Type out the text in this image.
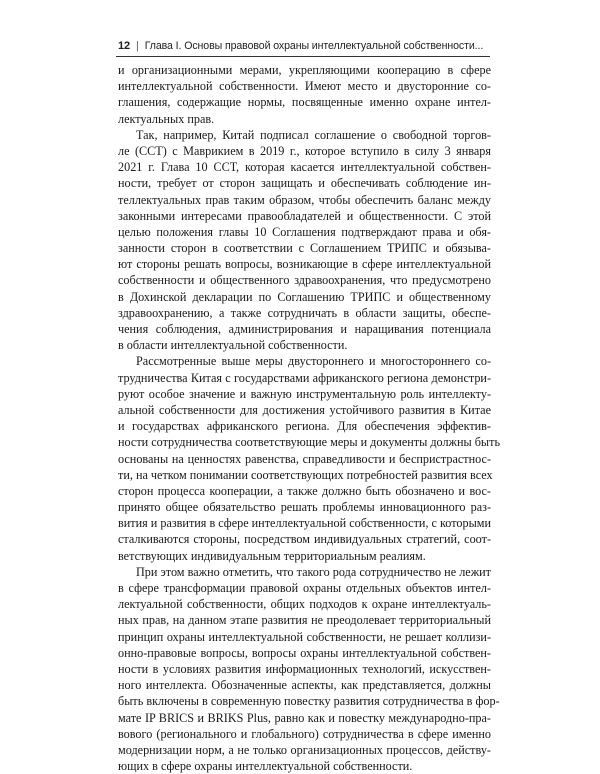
12 | Глава I. Основы правовой охраны интеллектуальной собственности...
и организационными мерами, укрепляющими кооперацию в сфере
интеллектуальной собственности. Имеют место и двусторонние со-
глашения, содержащие нормы, посвященные именно охране интел-
лектуальных прав.
Так, например, Китай подписал соглашение о свободной торгов-
ле (ССТ) с Маврикием в 2019 г., которое вступило в силу 3 января
2021 г. Глава 10 ССТ, которая касается интеллектуальной собствен-
ности, требует от сторон защищать и обеспечивать соблюдение ин-
теллектуальных прав таким образом, чтобы обеспечить баланс между
законными интересами правообладателей и общественности. С этой
целью положения главы 10 Соглашения подтверждают права и обя-
занности сторон в соответствии с Соглашением ТРИПС и обязыва-
ют стороны решать вопросы, возникающие в сфере интеллектуальной
собственности и общественного здравоохранения, что предусмотрено
в Дохинской декларации по Соглашению ТРИПС и общественному
здравоохранению, а также сотрудничать в области защиты, обеспе-
чения соблюдения, администрирования и наращивания потенциала
в области интеллектуальной собственности.
Рассмотренные выше меры двустороннего и многостороннего со-
трудничества Китая с государствами африканского региона демонстри-
руют особое значение и важную инструментальную роль интеллекту-
альной собственности для достижения устойчивого развития в Китае
и государствах африканского региона. Для обеспечения эффектив-
ности сотрудничества соответствующие меры и документы должны быть
основаны на ценностях равенства, справедливости и беспристрастнос-
ти, на четком понимании соответствующих потребностей развития всех
сторон процесса кооперации, а также должно быть обозначено и вос-
принято общее обязательство решать проблемы инновационного раз-
вития и развития в сфере интеллектуальной собственности, с которыми
сталкиваются стороны, посредством индивидуальных стратегий, соот-
ветствующих индивидуальным территориальным реалиям.
При этом важно отметить, что такого рода сотрудничество не лежит
в сфере трансформации правовой охраны отдельных объектов интел-
лектуальной собственности, общих подходов к охране интеллектуаль-
ных прав, на данном этапе развития не преодолевает территориальный
принцип охраны интеллектуальной собственности, не решает коллизи-
онно-правовые вопросы, вопросы охраны интеллектуальной собствен-
ности в условиях развития информационных технологий, искусствен-
ного интеллекта. Обозначенные аспекты, как представляется, должны
быть включены в современную повестку развития сотрудничества в фор-
мате IP BRICS и BRIKS Plus, равно как и повестку международно-пра-
вового (регионального и глобального) сотрудничества в сфере именно
модернизации норм, а не только организационных процессов, действу-
ющих в сфере охраны интеллектуальной собственности.
